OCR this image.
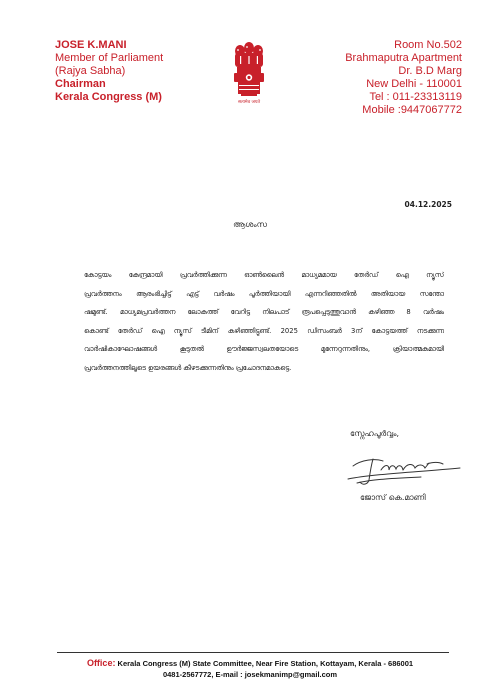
JOSE K.MANI
Member of Parliament
(Rajya Sabha)
Chairman
Kerala Congress (M)	सत्यमेव जयते
Room No.502
Brahmaputra Apartment
Dr. B.D Marg
New Delhi - 110001
Tel : 011-23313119
Mobile :9447067772
04.12.2025
ആശംസ
കോട്ടയം കേന്ദ്രമായി പ്രവർത്തിക്കുന്ന ഓൺലൈൻ മാധ്യമമായ തേർഡ് ഐ ന്യൂസ്
പ്രവർത്തനം ആരംഭിച്ചിട്ട് എട്ട് വർഷം പൂർത്തിയായി എന്നറിഞ്ഞതിൽ അതിയായ സന്തോ
ഷമുണ്ട്. മാധ്യമപ്രവർത്തന ലോകത്ത് വേറിട്ട നിലപാട് രൂപപ്പെടുത്തുവാൻ കഴിഞ്ഞ 8 വർഷം
കൊണ്ട് തേർഡ് ഐ ന്യൂസ് ടീമിന് കഴിഞ്ഞിട്ടുണ്ട്. 2025 ഡിസംബർ 3ന് കോട്ടയത്ത് നടക്കുന്ന
വാർഷികാഘോഷങ്ങൾ കൂടുതൽ ഊർജ്ജസ്വലതയോടെ മുന്നേറുന്നതിനും, ക്രിയാത്മകമായി
പ്രവർത്തനത്തിലൂടെ ഉയരങ്ങൾ കീഴടക്കുന്നതിനും പ്രചോദനമാകട്ടെ.
സ്നേഹപൂർവ്വം,
ജോസ് കെ.മാണി
Office: Kerala Congress (M) State Committee, Near Fire Station, Kottayam, Kerala - 686001
0481-2567772, E-mail : josekmanimp@gmail.com
